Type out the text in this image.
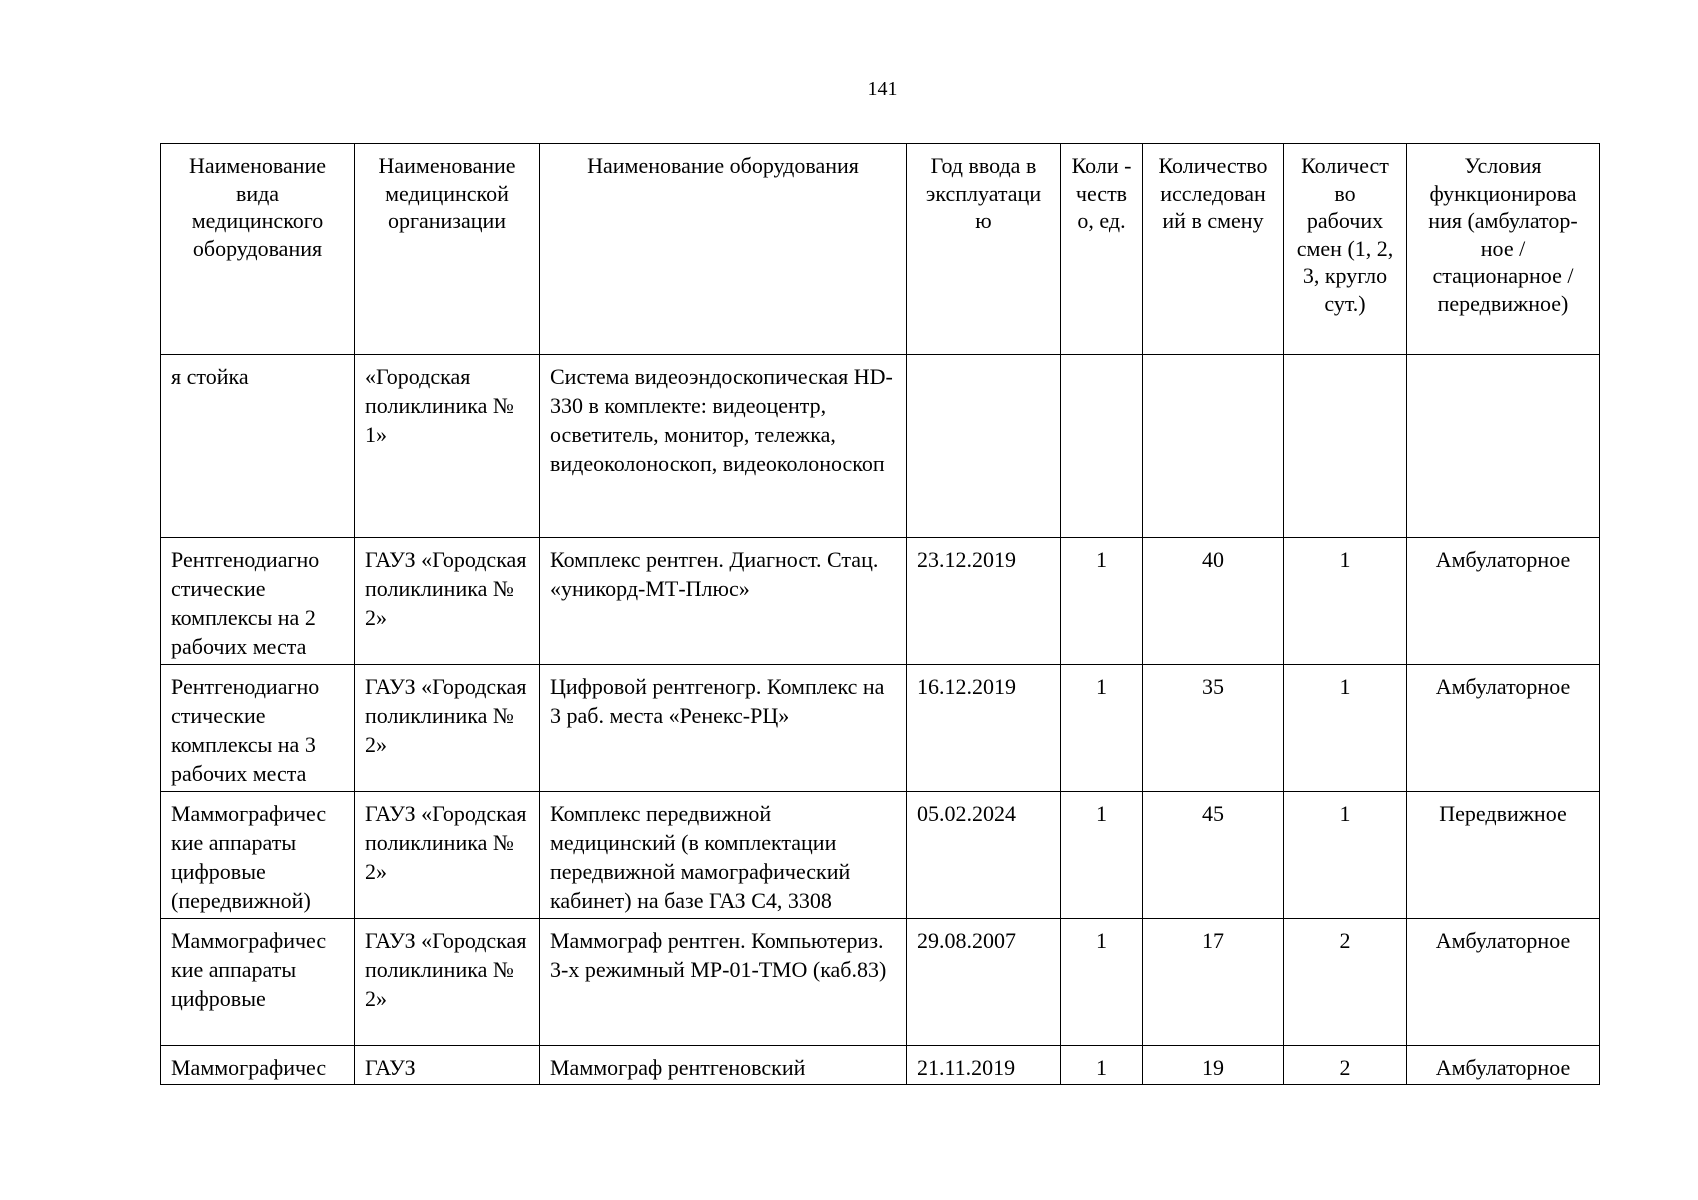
141
Наименование вида медицинского оборудования	Наименование медицинской организации	Наименование оборудования	Год ввода в эксплуатаци ю	Коли - честв о, ед.	Количество исследован ий в смену	Количест во рабочих смен (1, 2, 3, кругло сут.)	Условия функционирова ния (амбулатор- ное / стационарное / передвижное)
я стойка	«Городская поликлиника № 1»	Система видеоэндоскопическая HD-330 в комплекте: видеоцентр, осветитель, монитор, тележка, видеоколоноскоп, видеоколоноскоп					
Рентгенодиагно стические комплексы на 2 рабочих места	ГАУЗ «Городская поликлиника № 2»	Комплекс рентген. Диагност. Стац. «уникорд-МТ-Плюс»	23.12.2019	1	40	1	Амбулаторное
Рентгенодиагно стические комплексы на 3 рабочих места	ГАУЗ «Городская поликлиника № 2»	Цифровой рентгеногр. Комплекс на 3 раб. места «Ренекс-РЦ»	16.12.2019	1	35	1	Амбулаторное
Маммографичес кие аппараты цифровые (передвижной)	ГАУЗ «Городская поликлиника № 2»	Комплекс передвижной медицинский (в комплектации передвижной мамографический кабинет) на базе ГАЗ С4, 3308	05.02.2024	1	45	1	Передвижное
Маммографичес кие аппараты цифровые	ГАУЗ «Городская поликлиника № 2»	Маммограф рентген. Компьютериз. 3-х режимный МР-01-ТМО (каб.83)	29.08.2007	1	17	2	Амбулаторное
Маммографичес	ГАУЗ	Маммограф рентгеновский	21.11.2019	1	19	2	Амбулаторное
